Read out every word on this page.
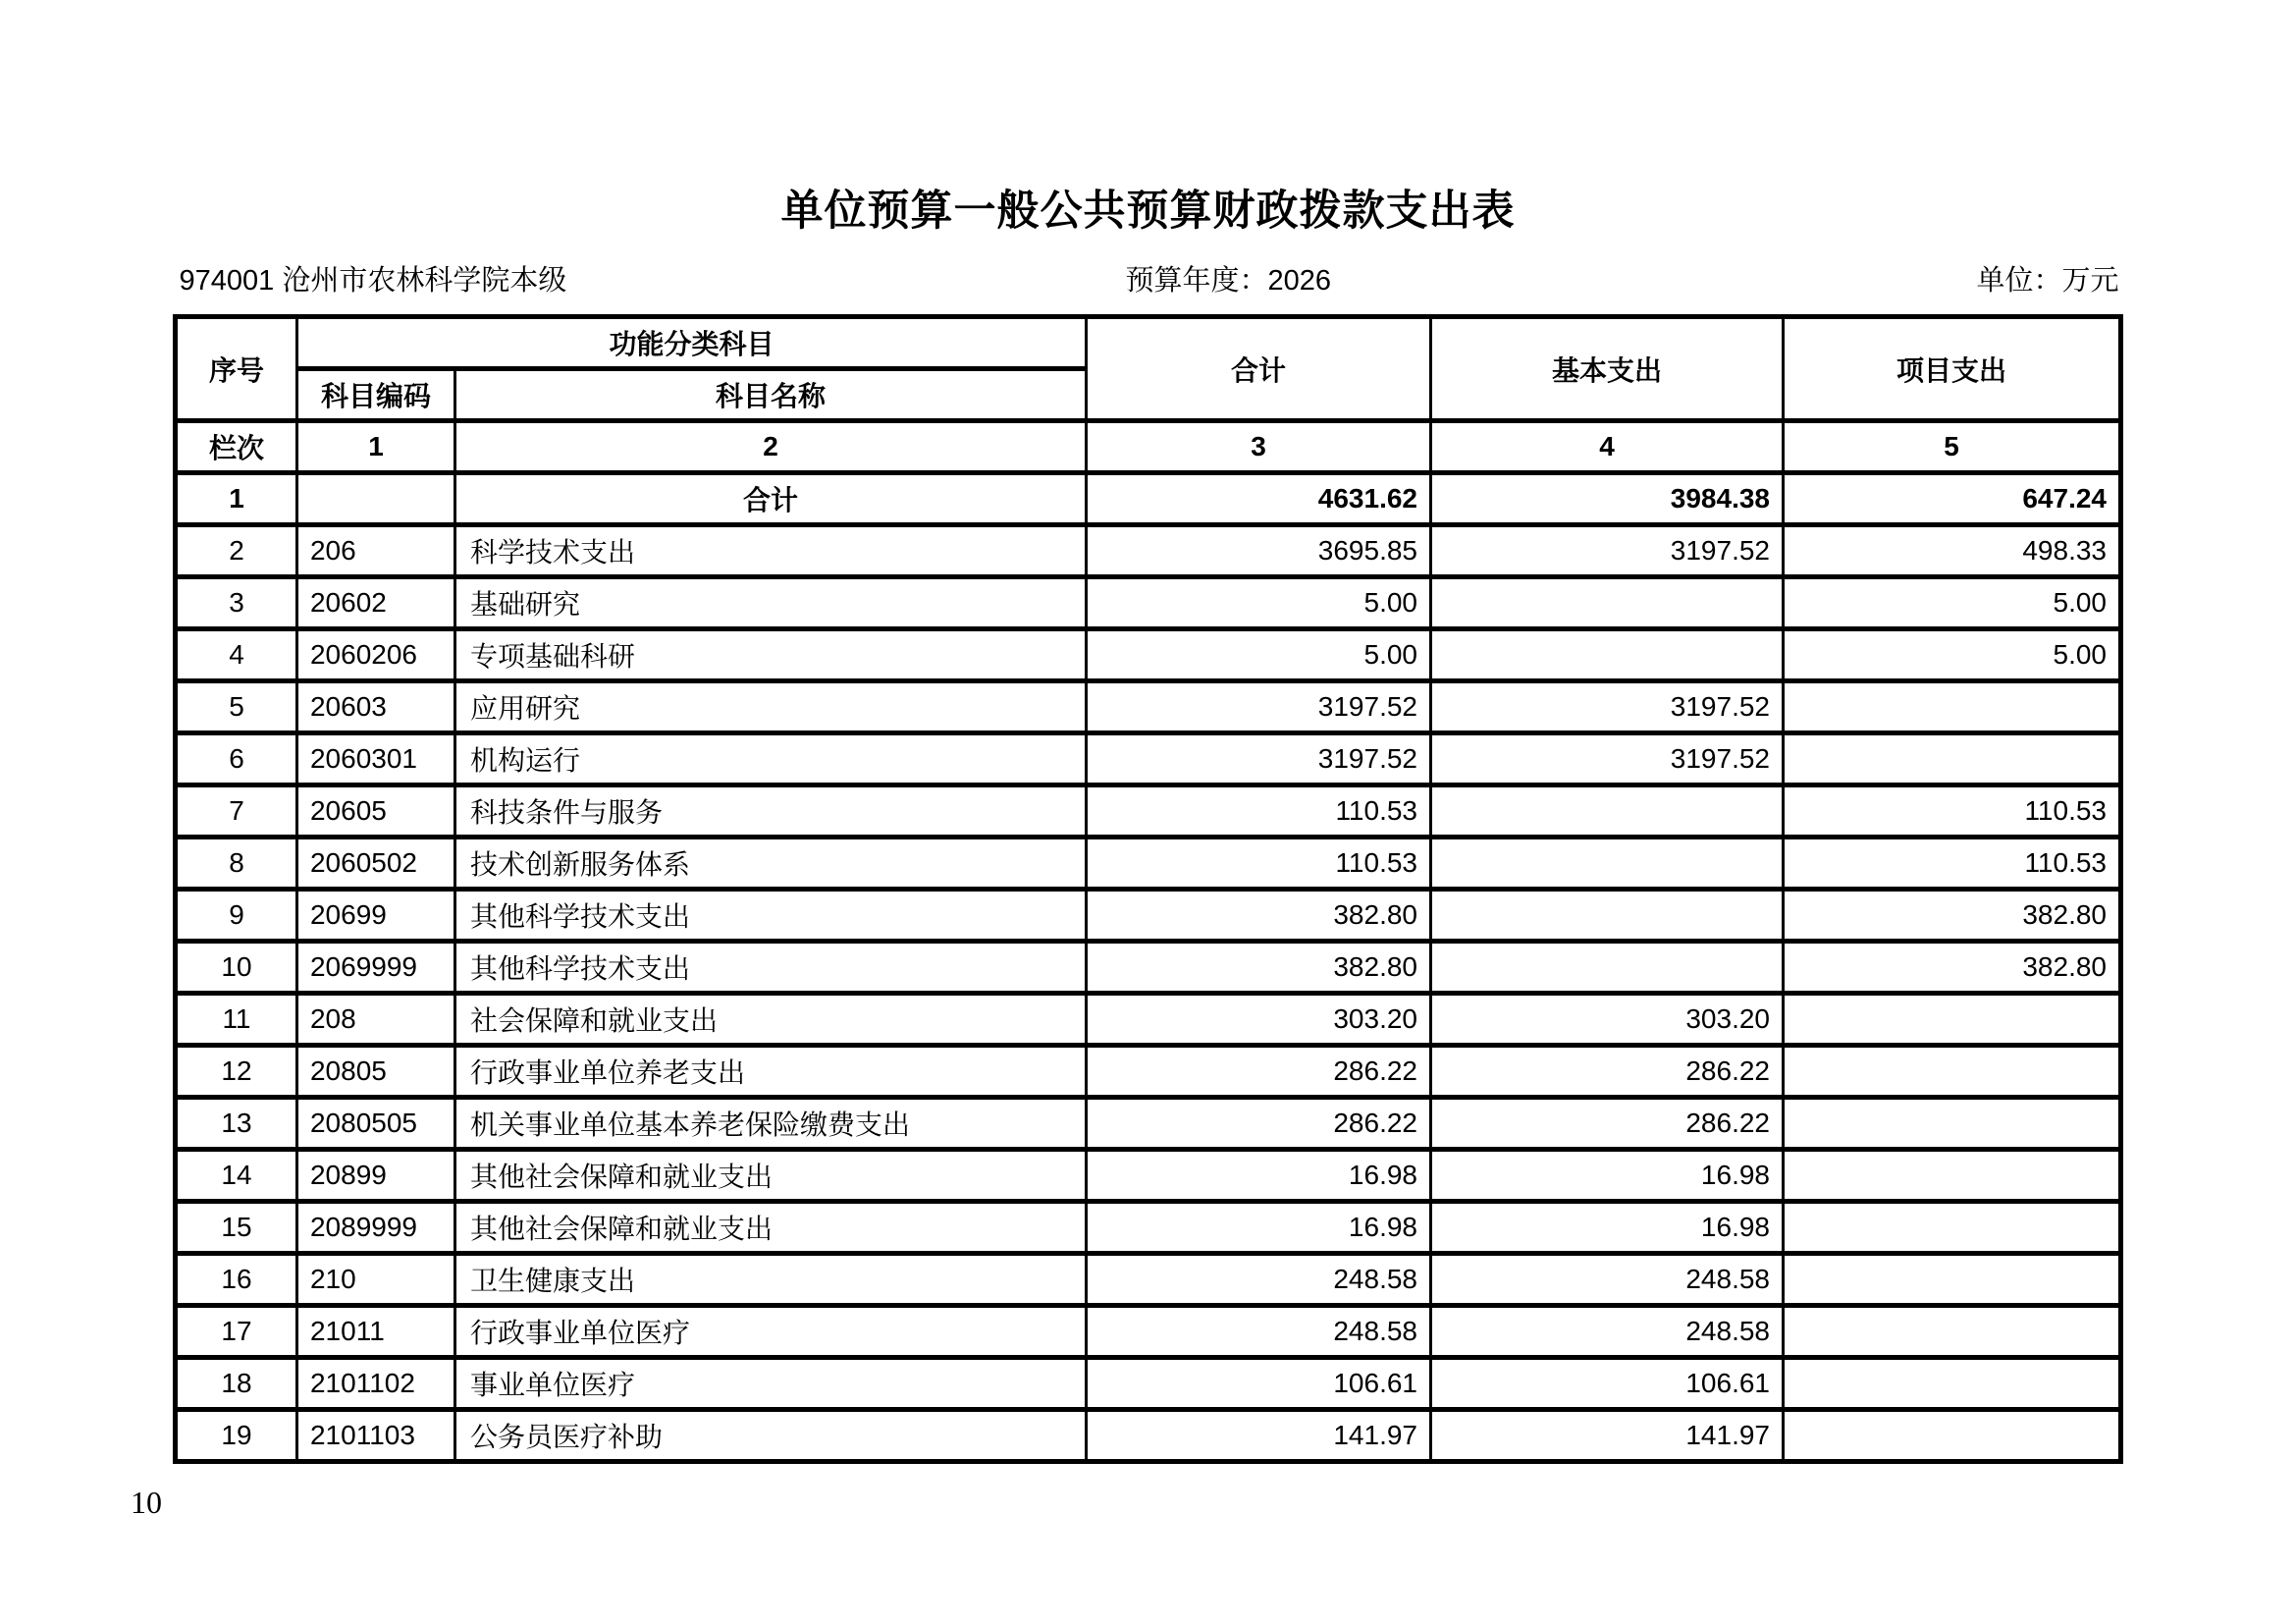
单位预算一般公共预算财政拨款支出表
974001 沧州市农林科学院本级	预算年度：2026	单位：万元
序号	功能分类科目		合计	基本支出	项目支出
	科目编码	科目名称			
栏次	1	2	3	4	5
1		合计	4631.62	3984.38	647.24
2	206	科学技术支出	3695.85	3197.52	498.33
3	20602	基础研究	5.00		5.00
4	2060206	专项基础科研	5.00		5.00
5	20603	应用研究	3197.52	3197.52	
6	2060301	机构运行	3197.52	3197.52	
7	20605	科技条件与服务	110.53		110.53
8	2060502	技术创新服务体系	110.53		110.53
9	20699	其他科学技术支出	382.80		382.80
10	2069999	其他科学技术支出	382.80		382.80
11	208	社会保障和就业支出	303.20	303.20	
12	20805	行政事业单位养老支出	286.22	286.22	
13	2080505	机关事业单位基本养老保险缴费支出	286.22	286.22	
14	20899	其他社会保障和就业支出	16.98	16.98	
15	2089999	其他社会保障和就业支出	16.98	16.98	
16	210	卫生健康支出	248.58	248.58	
17	21011	行政事业单位医疗	248.58	248.58	
18	2101102	事业单位医疗	106.61	106.61	
19	2101103	公务员医疗补助	141.97	141.97	
10
